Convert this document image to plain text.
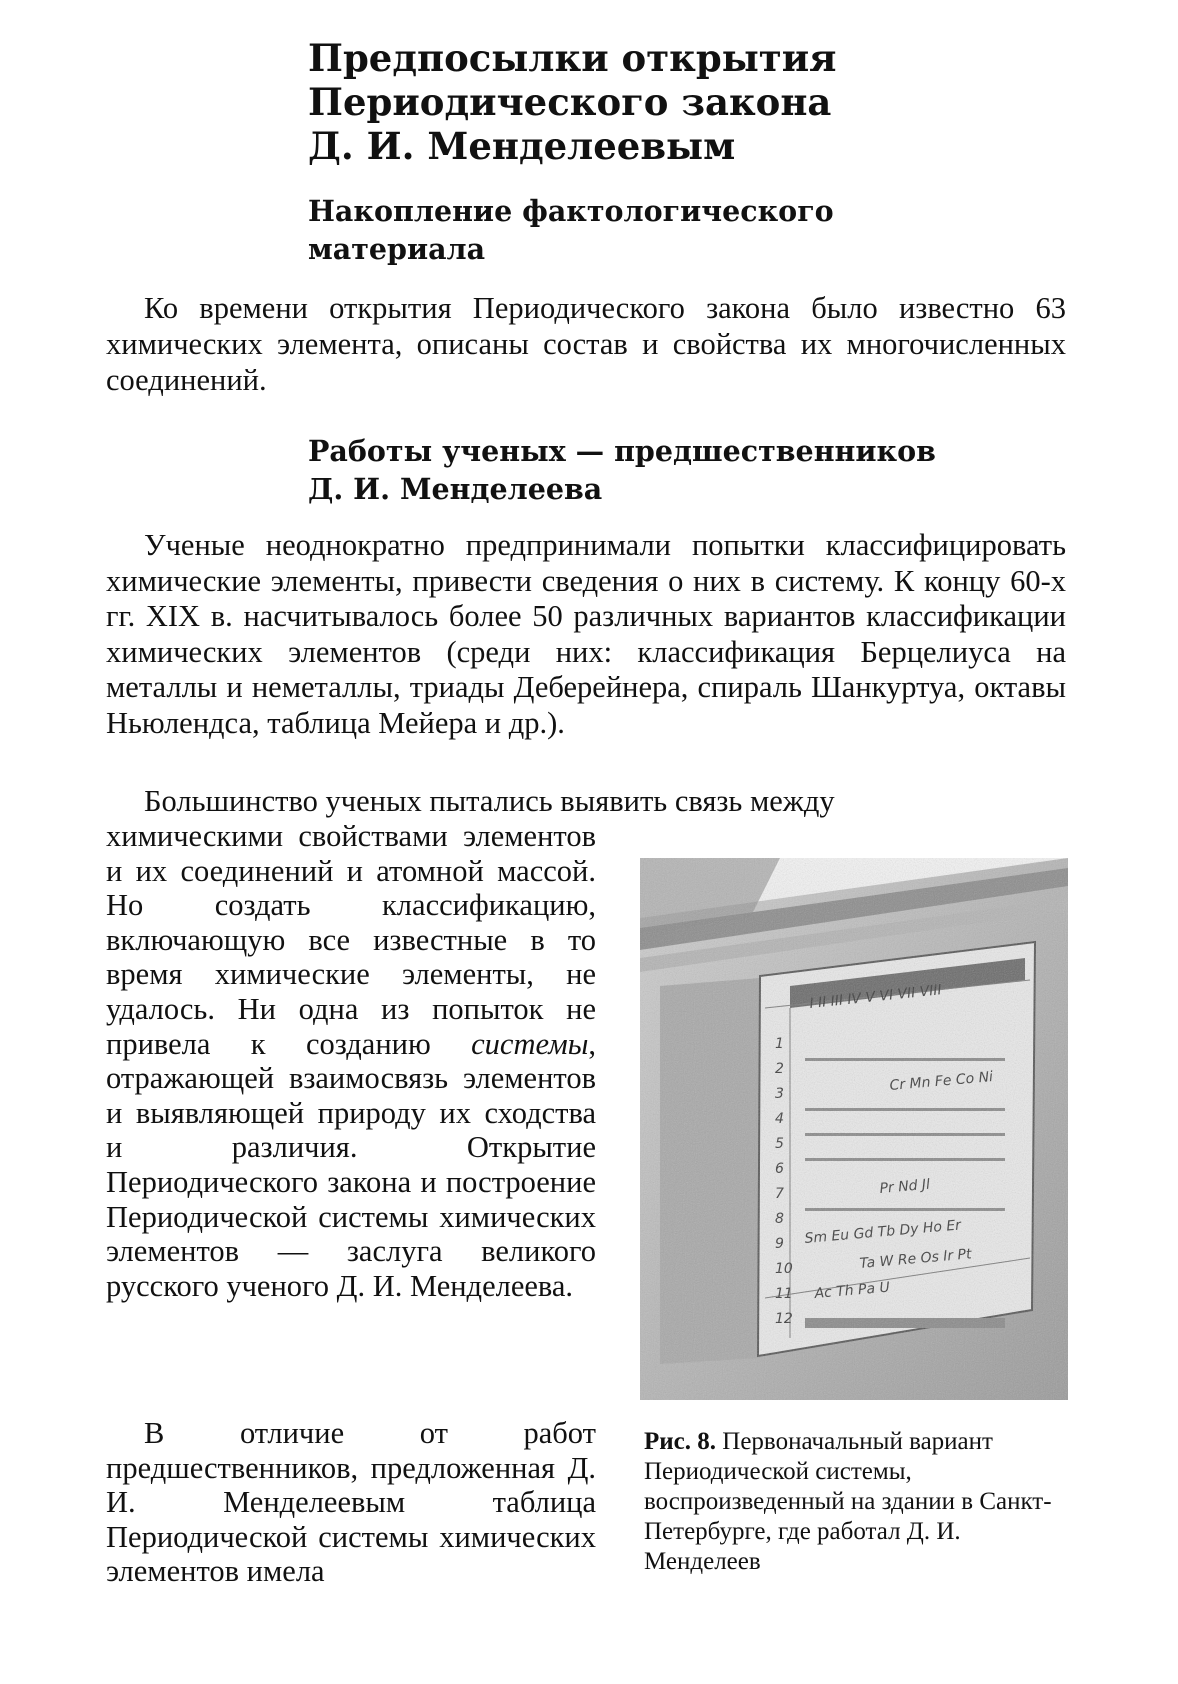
Предпосылки открытия
Периодического закона
Д. И. Менделеевым
Накопление фактологического
материала

Ко времени открытия Периодического закона было известно 63 химических элемента, описаны состав и свойства их многочисленных соединений.

Работы ученых — предшественников
Д. И. Менделеева

Ученые неоднократно предпринимали попытки классифицировать химические элементы, привести сведения о них в систему. К концу 60-х гг. XIX в. насчитывалось более 50 различных вариантов классификации химических элементов (среди них: классификация Берцелиуса на металлы и неметаллы, триады Деберейнера, спираль Шанкуртуа, октавы Ньюлендса, таблица Мейера и др.).

Большинство ученых пытались выявить связь между

химическими свойствами элементов и их соединений и атомной массой. Но создать классификацию, включающую все известные в то время химические элементы, не удалось. Ни одна из попыток не привела к созданию системы, отражающей взаимосвязь элементов и выявляющей природу их сходства и различия. Открытие Периодического закона и построение Периодической системы химических элементов — заслуга великого русского ученого Д. И. Менделеева.

В отличие от работ предшественников, предложенная Д. И. Менделеевым таблица Периодической системы химических элементов имела

Рис. 8. Первоначальный вариант Периодической системы, воспроизведенный на здании в Санкт-Петербурге, где работал Д. И. Менделеев
